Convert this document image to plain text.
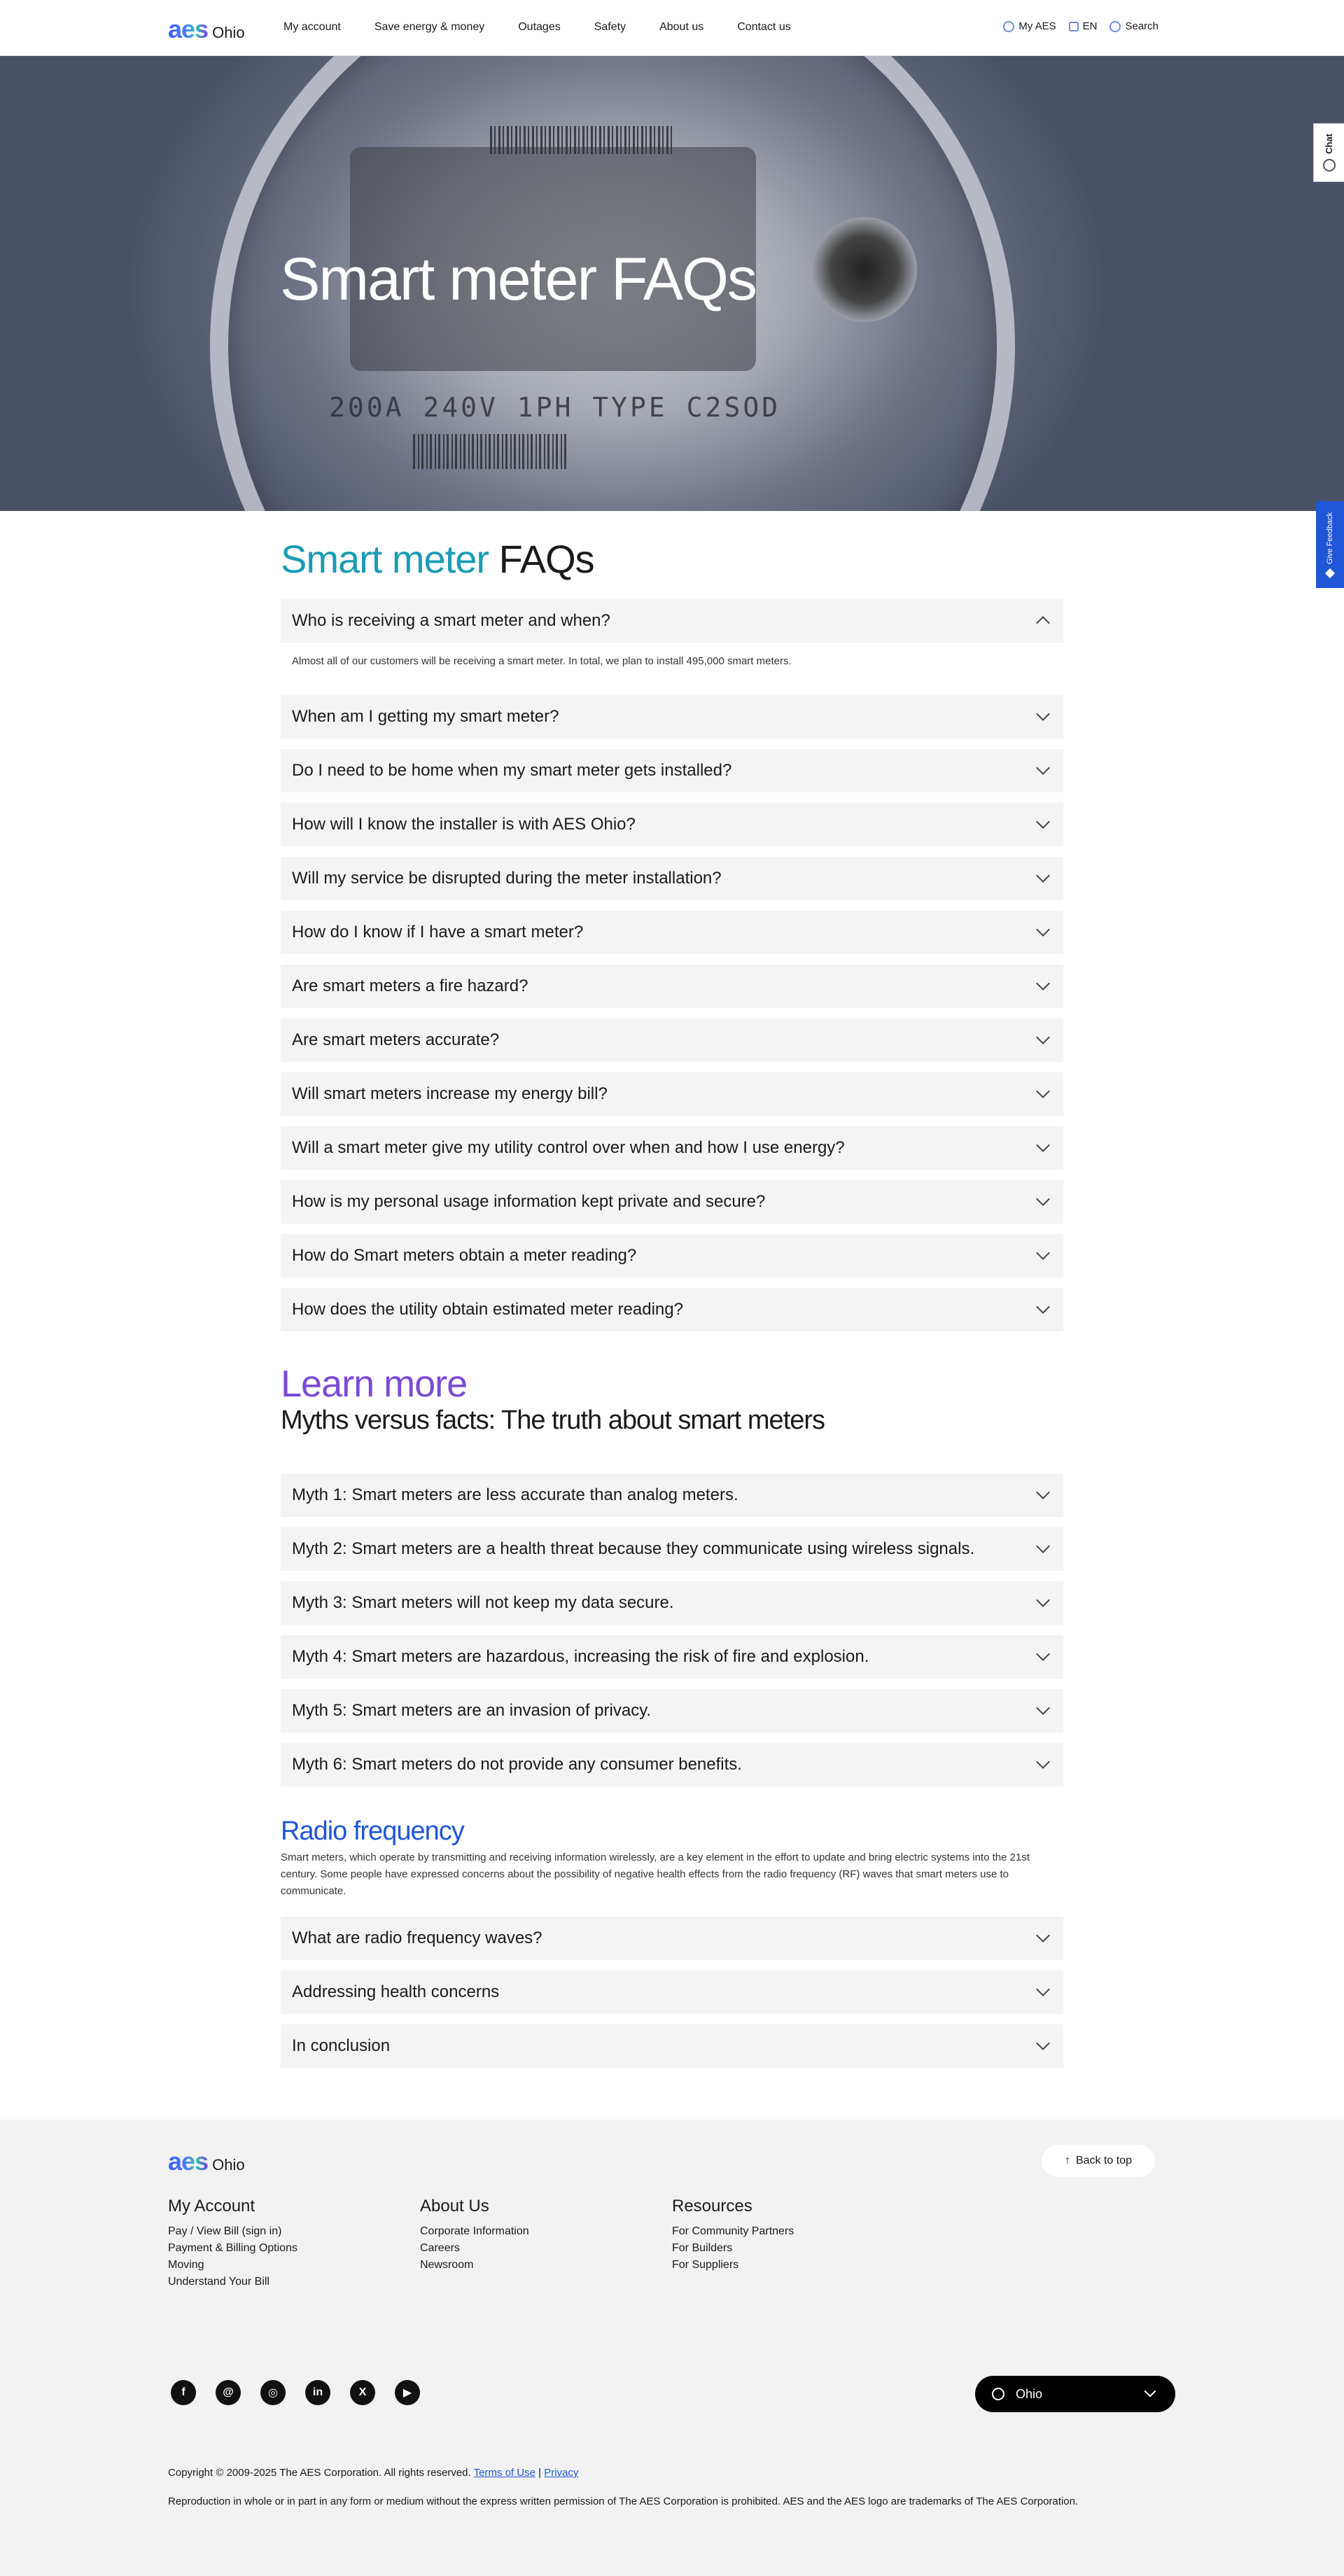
aes Ohio	My account	Save energy & money	Outages	Safety	About us	Contact us	My AES	EN	Search
200A 240V 1PH TYPE C2SOD
Smart meter FAQs
Chat
Give Feedback
Smart meter FAQs
Who is receiving a smart meter and when?
Almost all of our customers will be receiving a smart meter. In total, we plan to install 495,000 smart meters.
When am I getting my smart meter?
Do I need to be home when my smart meter gets installed?
How will I know the installer is with AES Ohio?
Will my service be disrupted during the meter installation?
How do I know if I have a smart meter?
Are smart meters a fire hazard?
Are smart meters accurate?
Will smart meters increase my energy bill?
Will a smart meter give my utility control over when and how I use energy?
How is my personal usage information kept private and secure?
How do Smart meters obtain a meter reading?
How does the utility obtain estimated meter reading?
Learn more
Myths versus facts: The truth about smart meters
Myth 1: Smart meters are less accurate than analog meters.
Myth 2: Smart meters are a health threat because they communicate using wireless signals.
Myth 3: Smart meters will not keep my data secure.
Myth 4: Smart meters are hazardous, increasing the risk of fire and explosion.
Myth 5: Smart meters are an invasion of privacy.
Myth 6: Smart meters do not provide any consumer benefits.
Radio frequency

Smart meters, which operate by transmitting and receiving information wirelessly, are a key element in the effort to update and bring electric systems into the 21st century. Some people have expressed concerns about the possibility of negative health effects from the radio frequency (RF) waves that smart meters use to communicate.

What are radio frequency waves?
Addressing health concerns
In conclusion
aes Ohio	↑ Back to top
My Account
Pay / View Bill (sign in)
Payment & Billing Options
Moving
Understand Your Bill
About Us
Corporate Information
Careers
Newsroom
Resources
For Community Partners
For Builders
For Suppliers
f	@	◎	in	X	▶	Ohio
Copyright © 2009-2025 The AES Corporation. All rights reserved. Terms of Use | Privacy
Reproduction in whole or in part in any form or medium without the express written permission of The AES Corporation is prohibited. AES and the AES logo are trademarks of The AES Corporation.
